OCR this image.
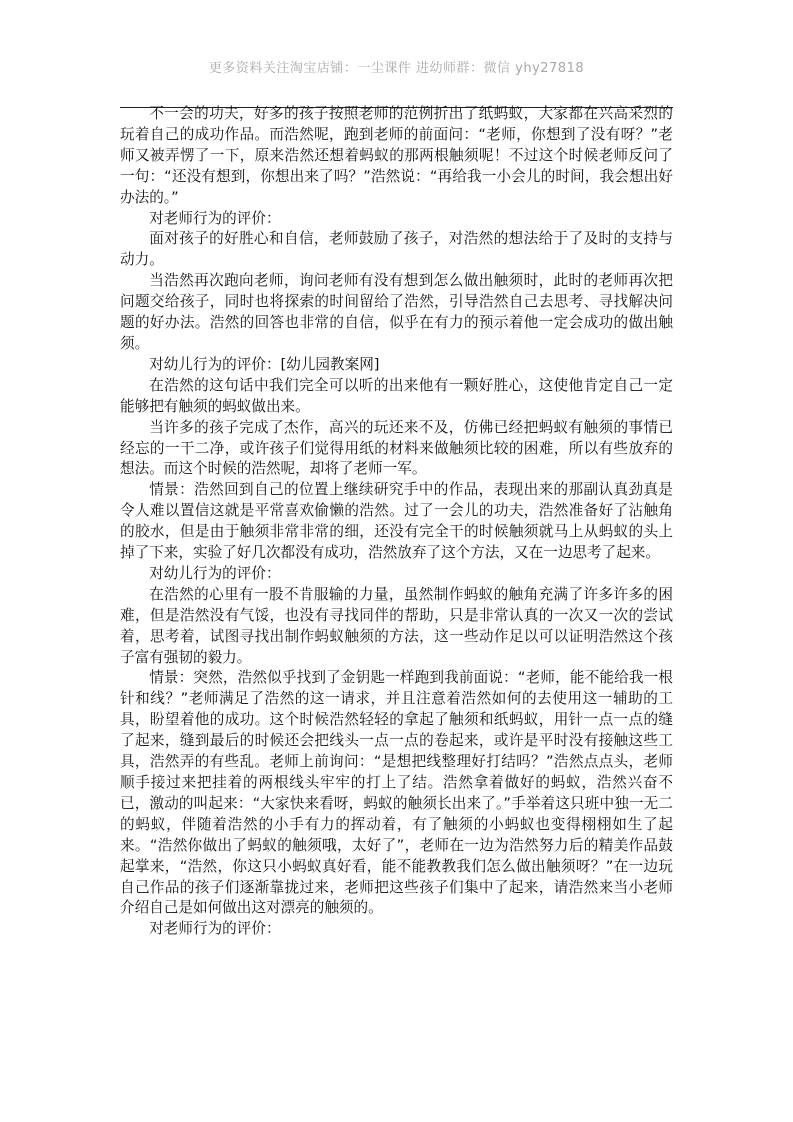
更多资料关注淘宝店铺：一尘课件 进幼师群：微信 yhy27818

不一会的功夫，好多的孩子按照老师的范例折出了纸蚂蚁，大家都在兴高采烈的玩着自己的成功作品。而浩然呢，跑到老师的前面问：“老师，你想到了没有呀？”老师又被弄愣了一下，原来浩然还想着蚂蚁的那两根触须呢！不过这个时候老师反问了一句：“还没有想到，你想出来了吗？”浩然说：“再给我一小会儿的时间，我会想出好办法的。”

对老师行为的评价：

面对孩子的好胜心和自信，老师鼓励了孩子，对浩然的想法给于了及时的支持与动力。

当浩然再次跑向老师，询问老师有没有想到怎么做出触须时，此时的老师再次把问题交给孩子，同时也将探索的时间留给了浩然，引导浩然自己去思考、寻找解决问题的好办法。浩然的回答也非常的自信，似乎在有力的预示着他一定会成功的做出触须。

对幼儿行为的评价：[幼儿园教案网]

在浩然的这句话中我们完全可以听的出来他有一颗好胜心，这使他肯定自己一定能够把有触须的蚂蚁做出来。

当许多的孩子完成了杰作，高兴的玩还来不及，仿佛已经把蚂蚁有触须的事情已经忘的一干二净，或许孩子们觉得用纸的材料来做触须比较的困难，所以有些放弃的想法。而这个时候的浩然呢，却将了老师一军。

情景：浩然回到自己的位置上继续研究手中的作品，表现出来的那副认真劲真是令人难以置信这就是平常喜欢偷懒的浩然。过了一会儿的功夫，浩然准备好了沾触角的胶水，但是由于触须非常非常的细，还没有完全干的时候触须就马上从蚂蚁的头上掉了下来，实验了好几次都没有成功，浩然放弃了这个方法，又在一边思考了起来。

对幼儿行为的评价：

在浩然的心里有一股不肯服输的力量，虽然制作蚂蚁的触角充满了许多许多的困难，但是浩然没有气馁，也没有寻找同伴的帮助，只是非常认真的一次又一次的尝试着，思考着，试图寻找出制作蚂蚁触须的方法，这一些动作足以可以证明浩然这个孩子富有强韧的毅力。

情景：突然，浩然似乎找到了金钥匙一样跑到我前面说：“老师，能不能给我一根针和线？”老师满足了浩然的这一请求，并且注意着浩然如何的去使用这一辅助的工具，盼望着他的成功。这个时候浩然轻轻的拿起了触须和纸蚂蚁，用针一点一点的缝了起来，缝到最后的时候还会把线头一点一点的卷起来，或许是平时没有接触这些工具，浩然弄的有些乱。老师上前询问：“是想把线整理好打结吗？”浩然点点头，老师顺手接过来把挂着的两根线头牢牢的打上了结。浩然拿着做好的蚂蚁，浩然兴奋不已，激动的叫起来：“大家快来看呀，蚂蚁的触须长出来了。”手举着这只班中独一无二的蚂蚁，伴随着浩然的小手有力的挥动着，有了触须的小蚂蚁也变得栩栩如生了起来。“浩然你做出了蚂蚁的触须哦，太好了”，老师在一边为浩然努力后的精美作品鼓起掌来，“浩然，你这只小蚂蚁真好看，能不能教教我们怎么做出触须呀？”在一边玩自己作品的孩子们逐渐靠拢过来，老师把这些孩子们集中了起来，请浩然来当小老师介绍自己是如何做出这对漂亮的触须的。

对老师行为的评价：
